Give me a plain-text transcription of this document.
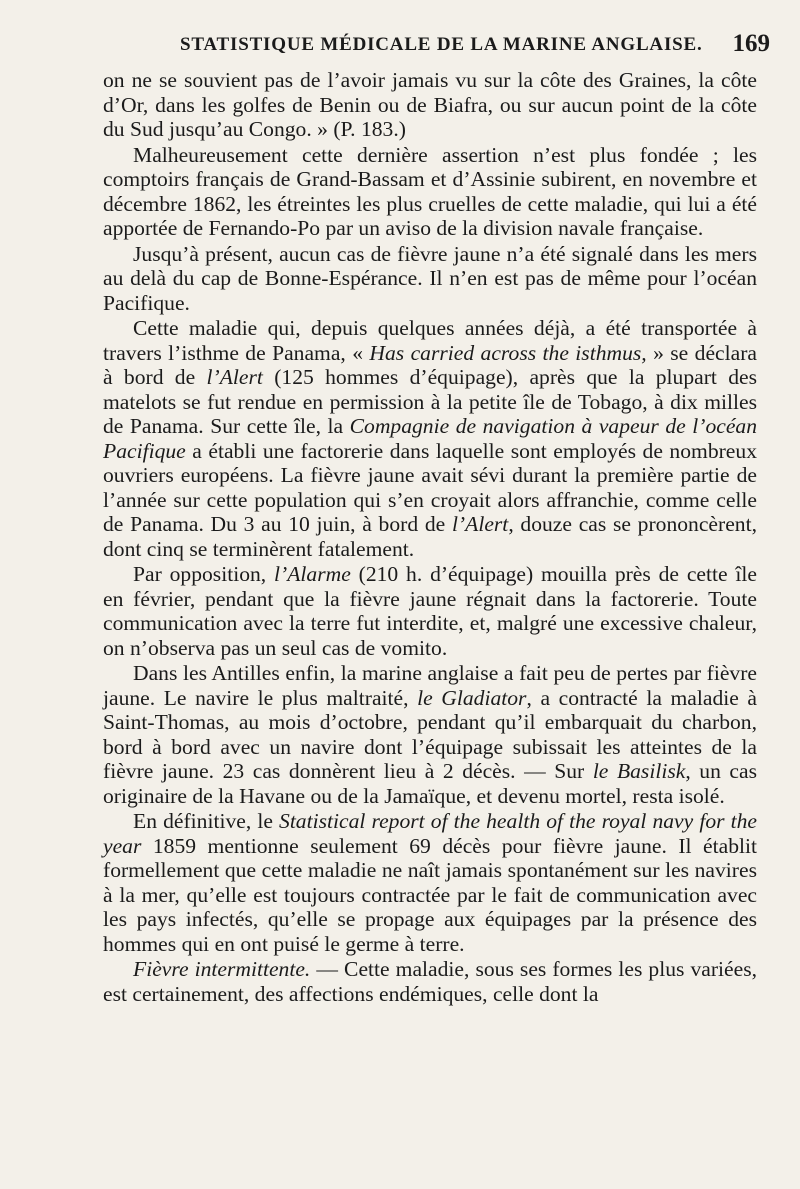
STATISTIQUE MÉDICALE DE LA MARINE ANGLAISE. 169

on ne se souvient pas de l’avoir jamais vu sur la côte des Graines, la côte d’Or, dans les golfes de Benin ou de Biafra, ou sur aucun point de la côte du Sud jusqu’au Congo. » (P. 183.)

Malheureusement cette dernière assertion n’est plus fondée ; les comptoirs français de Grand-Bassam et d’Assinie subirent, en novembre et décembre 1862, les étreintes les plus cruelles de cette maladie, qui lui a été apportée de Fernando-Po par un aviso de la division navale française.

Jusqu’à présent, aucun cas de fièvre jaune n’a été signalé dans les mers au delà du cap de Bonne-Espérance. Il n’en est pas de même pour l’océan Pacifique.

Cette maladie qui, depuis quelques années déjà, a été transportée à travers l’isthme de Panama, « Has carried across the isthmus, » se déclara à bord de l’Alert (125 hommes d’équipage), après que la plupart des matelots se fut rendue en permission à la petite île de Tobago, à dix milles de Panama. Sur cette île, la Compagnie de navigation à vapeur de l’océan Pacifique a établi une factorerie dans laquelle sont employés de nombreux ouvriers européens. La fièvre jaune avait sévi durant la première partie de l’année sur cette population qui s’en croyait alors affranchie, comme celle de Panama. Du 3 au 10 juin, à bord de l’Alert, douze cas se prononcèrent, dont cinq se terminèrent fatalement.

Par opposition, l’Alarme (210 h. d’équipage) mouilla près de cette île en février, pendant que la fièvre jaune régnait dans la factorerie. Toute communication avec la terre fut interdite, et, malgré une excessive chaleur, on n’observa pas un seul cas de vomito.

Dans les Antilles enfin, la marine anglaise a fait peu de pertes par fièvre jaune. Le navire le plus maltraité, le Gladiator, a contracté la maladie à Saint-Thomas, au mois d’octobre, pendant qu’il embarquait du charbon, bord à bord avec un navire dont l’équipage subissait les atteintes de la fièvre jaune. 23 cas donnèrent lieu à 2 décès. — Sur le Basilisk, un cas originaire de la Havane ou de la Jamaïque, et devenu mortel, resta isolé.

En définitive, le Statistical report of the health of the royal navy for the year 1859 mentionne seulement 69 décès pour fièvre jaune. Il établit formellement que cette maladie ne naît jamais spontanément sur les navires à la mer, qu’elle est toujours contractée par le fait de communication avec les pays infectés, qu’elle se propage aux équipages par la présence des hommes qui en ont puisé le germe à terre.

Fièvre intermittente. — Cette maladie, sous ses formes les plus variées, est certainement, des affections endémiques, celle dont la
